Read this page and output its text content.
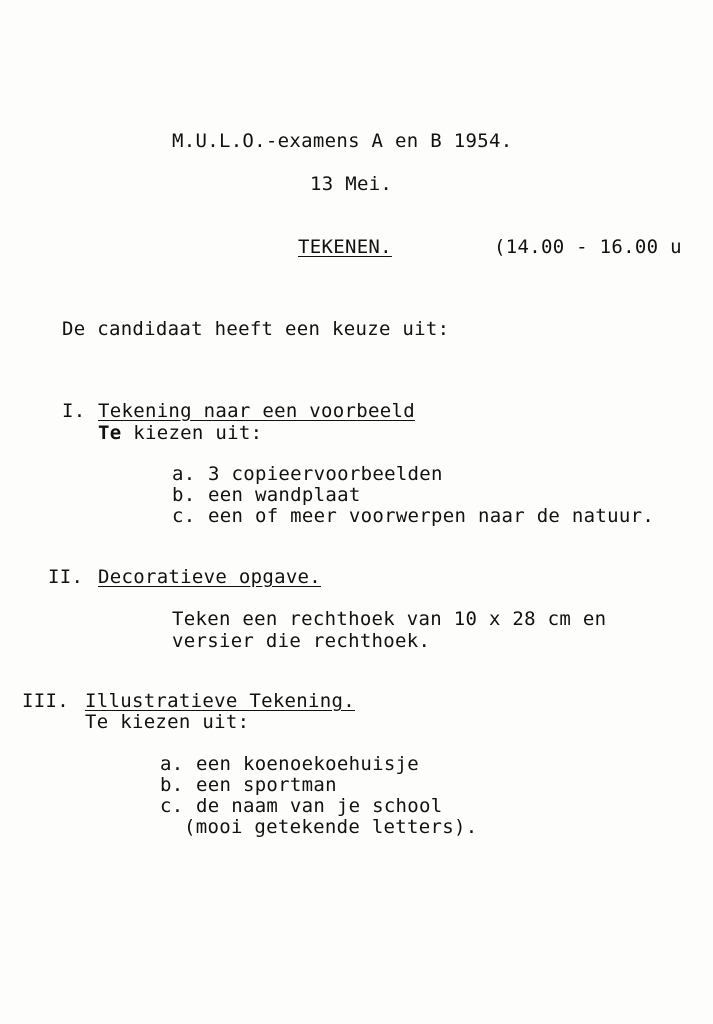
M.U.L.O.-examens A en B 1954.
13 Mei.
TEKENEN.	(14.00 - 16.00 u
De candidaat heeft een keuze uit:
I. Tekening naar een voorbeeld
Te kiezen uit:
a. 3 copieervoorbeelden
b. een wandplaat
c. een of meer voorwerpen naar de natuur.
II. Decoratieve opgave.
Teken een rechthoek van 10 x 28 cm en
versier die rechthoek.
III. Illustratieve Tekening.
Te kiezen uit:
a. een koenoekoehuisje
b. een sportman
c. de naam van je school
(mooi getekende letters).
